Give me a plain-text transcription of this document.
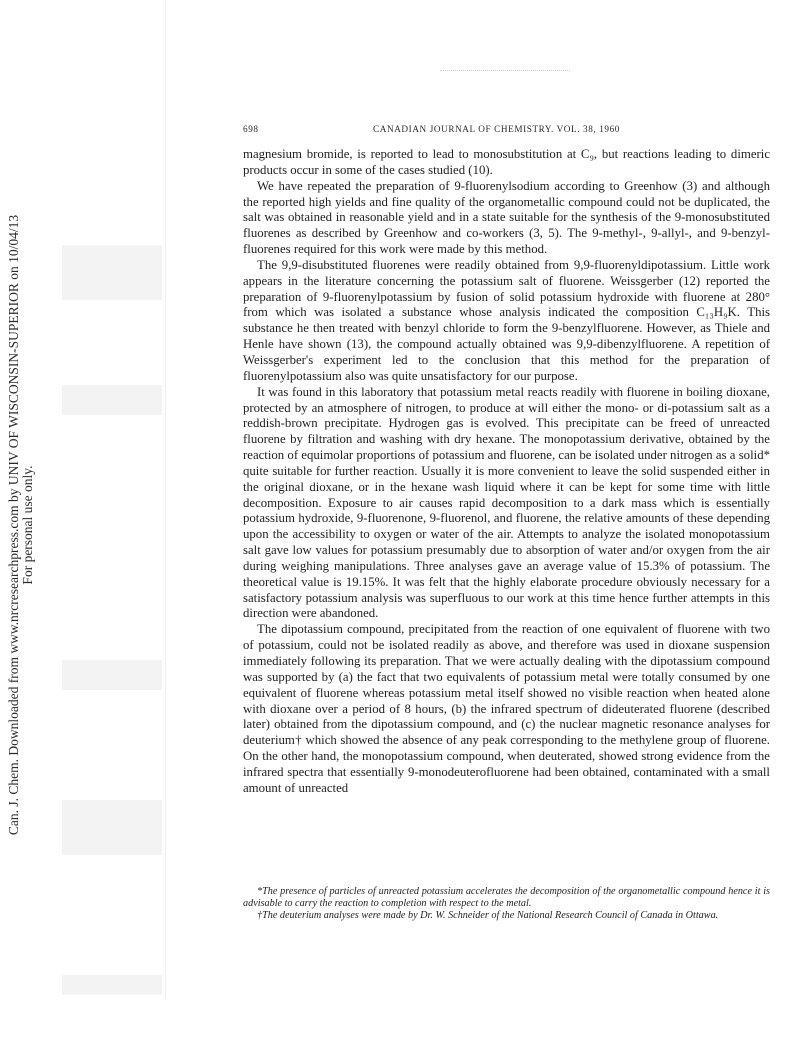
Can. J. Chem. Downloaded from www.nrcresearchpress.com by UNIV OF WISCONSIN-SUPERIOR on 10/04/13 For personal use only.
698	CANADIAN JOURNAL OF CHEMISTRY. VOL. 38, 1960

magnesium bromide, is reported to lead to monosubstitution at C₉, but reactions leading to dimeric products occur in some of the cases studied (10).

We have repeated the preparation of 9-fluorenylsodium according to Greenhow (3) and although the reported high yields and fine quality of the organometallic compound could not be duplicated, the salt was obtained in reasonable yield and in a state suitable for the synthesis of the 9-monosubstituted fluorenes as described by Greenhow and co-workers (3, 5). The 9-methyl-, 9-allyl-, and 9-benzyl-fluorenes required for this work were made by this method.

The 9,9-disubstituted fluorenes were readily obtained from 9,9-fluorenyldipotassium. Little work appears in the literature concerning the potassium salt of fluorene. Weissgerber (12) reported the preparation of 9-fluorenylpotassium by fusion of solid potassium hydroxide with fluorene at 280° from which was isolated a substance whose analysis indicated the composition C₁₃H₉K. This substance he then treated with benzyl chloride to form the 9-benzylfluorene. However, as Thiele and Henle have shown (13), the compound actually obtained was 9,9-dibenzylfluorene. A repetition of Weissgerber's experiment led to the conclusion that this method for the preparation of fluorenylpotassium also was quite unsatisfactory for our purpose.

It was found in this laboratory that potassium metal reacts readily with fluorene in boiling dioxane, protected by an atmosphere of nitrogen, to produce at will either the mono- or di-potassium salt as a reddish-brown precipitate. Hydrogen gas is evolved. This precipitate can be freed of unreacted fluorene by filtration and washing with dry hexane. The monopotassium derivative, obtained by the reaction of equimolar proportions of potassium and fluorene, can be isolated under nitrogen as a solid* quite suitable for further reaction. Usually it is more convenient to leave the solid suspended either in the original dioxane, or in the hexane wash liquid where it can be kept for some time with little decomposition. Exposure to air causes rapid decomposition to a dark mass which is essentially potassium hydroxide, 9-fluorenone, 9-fluorenol, and fluorene, the relative amounts of these depending upon the accessibility to oxygen or water of the air. Attempts to analyze the isolated monopotassium salt gave low values for potassium presumably due to absorption of water and/or oxygen from the air during weighing manipulations. Three analyses gave an average value of 15.3% of potassium. The theoretical value is 19.15%. It was felt that the highly elaborate procedure obviously necessary for a satisfactory potassium analysis was superfluous to our work at this time hence further attempts in this direction were abandoned.

The dipotassium compound, precipitated from the reaction of one equivalent of fluorene with two of potassium, could not be isolated readily as above, and therefore was used in dioxane suspension immediately following its preparation. That we were actually dealing with the dipotassium compound was supported by (a) the fact that two equivalents of potassium metal were totally consumed by one equivalent of fluorene whereas potassium metal itself showed no visible reaction when heated alone with dioxane over a period of 8 hours, (b) the infrared spectrum of dideuterated fluorene (described later) obtained from the dipotassium compound, and (c) the nuclear magnetic resonance analyses for deuterium† which showed the absence of any peak corresponding to the methylene group of fluorene. On the other hand, the monopotassium compound, when deuterated, showed strong evidence from the infrared spectra that essentially 9-monodeuterofluorene had been obtained, contaminated with a small amount of unreacted

*The presence of particles of unreacted potassium accelerates the decomposition of the organometallic compound hence it is advisable to carry the reaction to completion with respect to the metal.

†The deuterium analyses were made by Dr. W. Schneider of the National Research Council of Canada in Ottawa.
